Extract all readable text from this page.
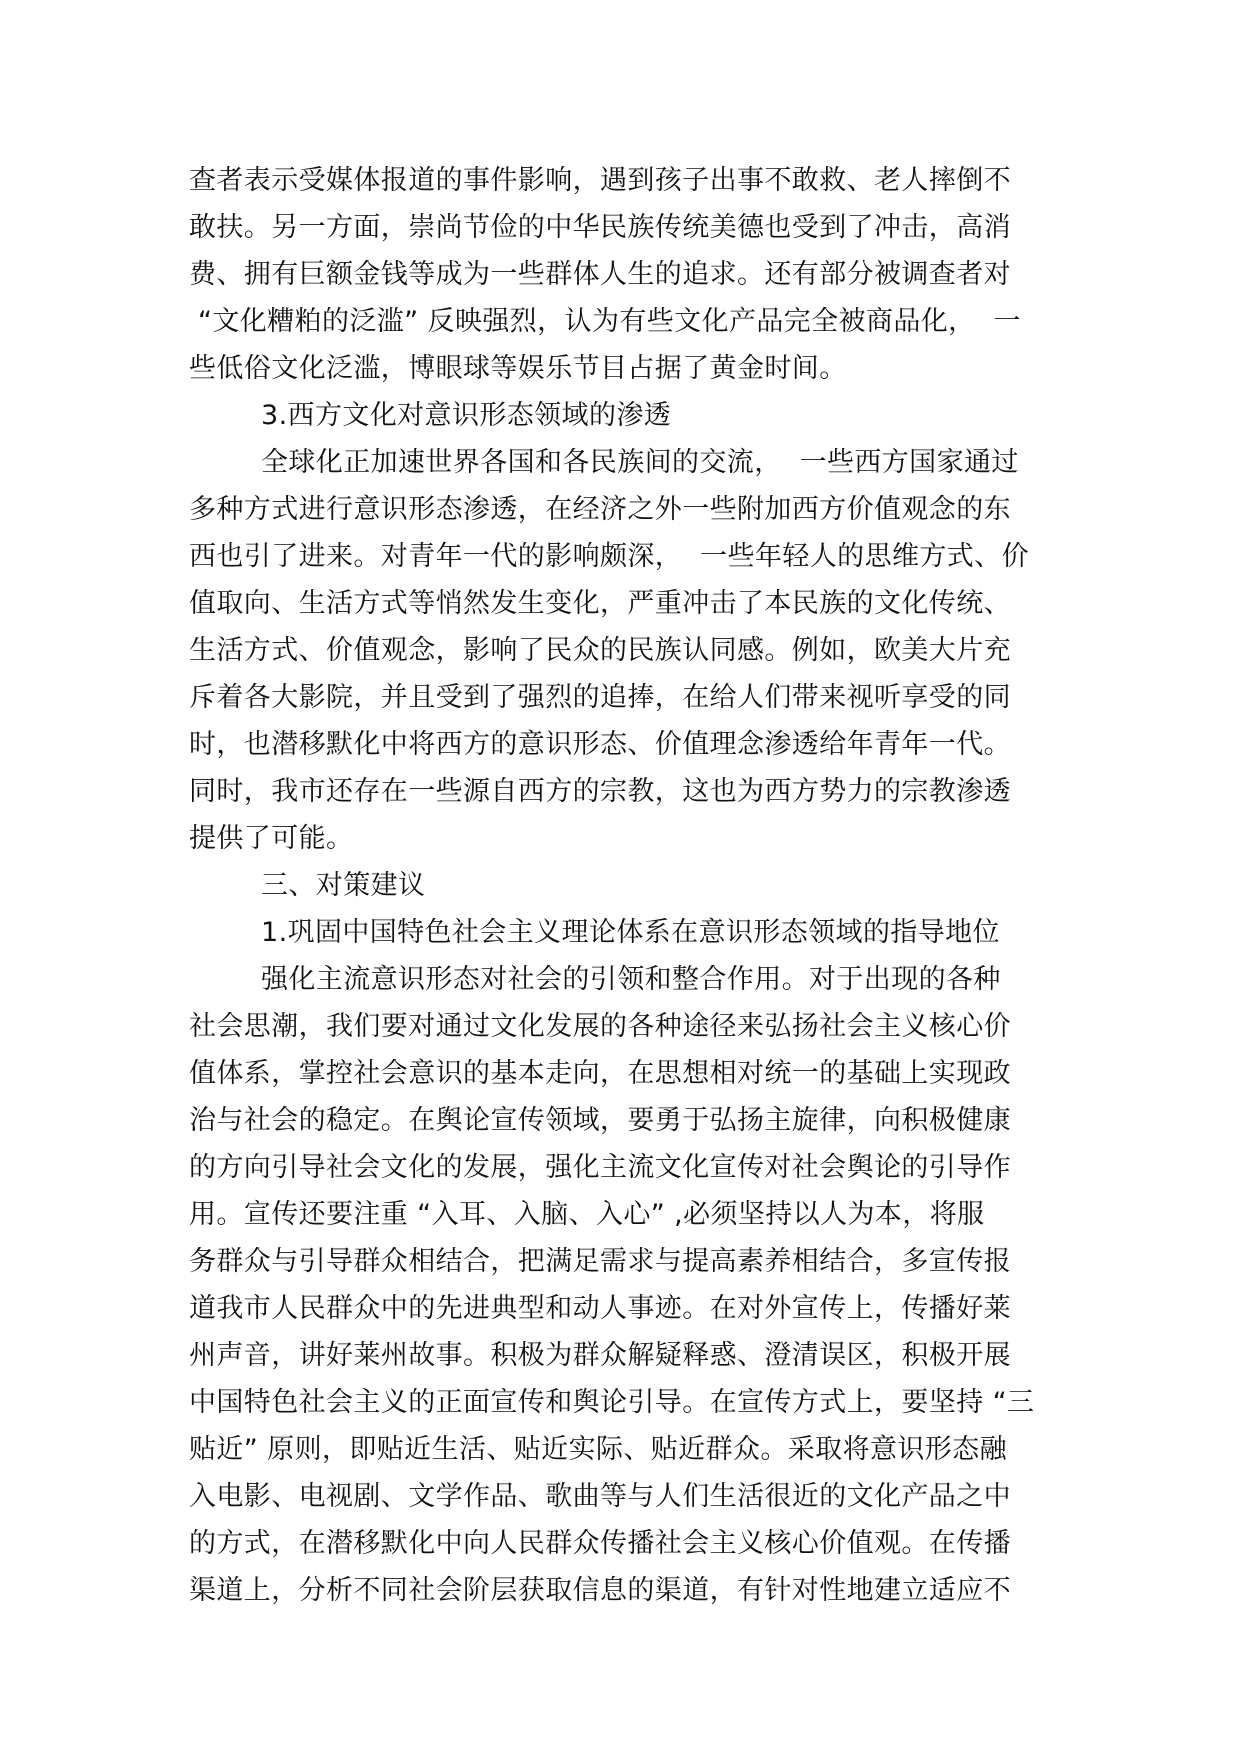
查者表示受媒体报道的事件影响，遇到孩子出事不敢救、老人摔倒不
敢扶。另一方面，崇尚节俭的中华民族传统美德也受到了冲击，高消
费、拥有巨额金钱等成为一些群体人生的追求。还有部分被调查者对
“文化糟粕的泛滥” 反映强烈，认为有些文化产品完全被商品化，  一
些低俗文化泛滥，博眼球等娱乐节目占据了黄金时间。
3.西方文化对意识形态领域的渗透
全球化正加速世界各国和各民族间的交流，  一些西方国家通过
多种方式进行意识形态渗透，在经济之外一些附加西方价值观念的东
西也引了进来。对青年一代的影响颇深，  一些年轻人的思维方式、价
值取向、生活方式等悄然发生变化，严重冲击了本民族的文化传统、
生活方式、价值观念，影响了民众的民族认同感。例如，欧美大片充
斥着各大影院，并且受到了强烈的追捧，在给人们带来视听享受的同
时，也潜移默化中将西方的意识形态、价值理念渗透给年青年一代。
同时，我市还存在一些源自西方的宗教，这也为西方势力的宗教渗透
提供了可能。
三、对策建议
1.巩固中国特色社会主义理论体系在意识形态领域的指导地位
强化主流意识形态对社会的引领和整合作用。对于出现的各种
社会思潮，我们要对通过文化发展的各种途径来弘扬社会主义核心价
值体系，掌控社会意识的基本走向，在思想相对统一的基础上实现政
治与社会的稳定。在舆论宣传领域，要勇于弘扬主旋律，向积极健康
的方向引导社会文化的发展，强化主流文化宣传对社会舆论的引导作
用。宣传还要注重 “入耳、入脑、入心” ,必须坚持以人为本，将服
务群众与引导群众相结合，把满足需求与提高素养相结合，多宣传报
道我市人民群众中的先进典型和动人事迹。在对外宣传上，传播好莱
州声音，讲好莱州故事。积极为群众解疑释惑、澄清误区，积极开展
中国特色社会主义的正面宣传和舆论引导。在宣传方式上，要坚持 “三
贴近” 原则，即贴近生活、贴近实际、贴近群众。采取将意识形态融
入电影、电视剧、文学作品、歌曲等与人们生活很近的文化产品之中
的方式，在潜移默化中向人民群众传播社会主义核心价值观。在传播
渠道上，分析不同社会阶层获取信息的渠道，有针对性地建立适应不
